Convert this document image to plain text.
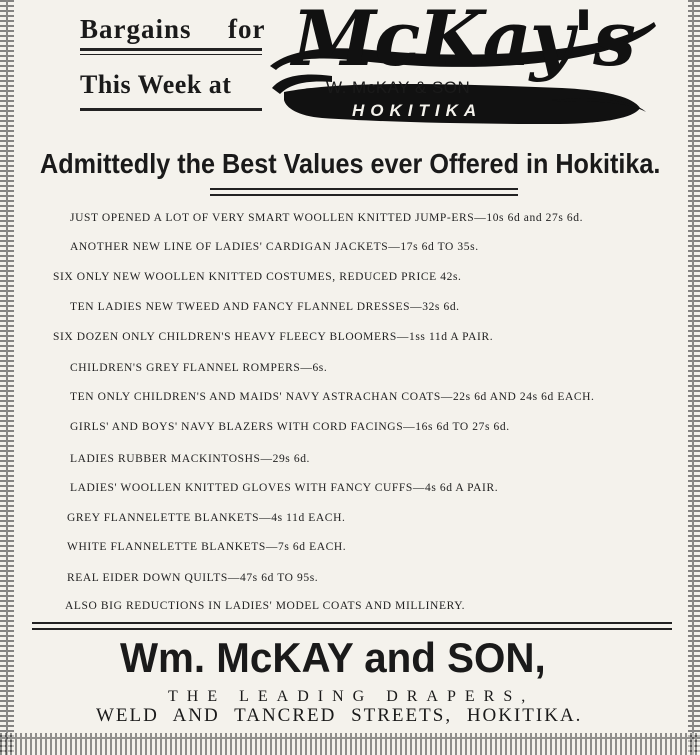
Bargains for
This Week at
McKay's
W. McKAY & SON
HOKITIKA
Admittedly the Best Values ever Offered in Hokitika.
JUST OPENED A LOT OF VERY SMART WOOLLEN KNITTED JUMP-ERS—10s 6d and 27s 6d.
ANOTHER NEW LINE OF LADIES' CARDIGAN JACKETS—17s 6d TO 35s.
SIX ONLY NEW WOOLLEN KNITTED COSTUMES, REDUCED PRICE 42s.
TEN LADIES NEW TWEED AND FANCY FLANNEL DRESSES—32s 6d.
SIX DOZEN ONLY CHILDREN'S HEAVY FLEECY BLOOMERS—1ss 11d A PAIR.
CHILDREN'S GREY FLANNEL ROMPERS—6s.
TEN ONLY CHILDREN'S AND MAIDS' NAVY ASTRACHAN COATS—22s 6d AND 24s 6d EACH.
GIRLS' AND BOYS' NAVY BLAZERS WITH CORD FACINGS—16s 6d TO 27s 6d.
LADIES RUBBER MACKINTOSHS—29s 6d.
LADIES' WOOLLEN KNITTED GLOVES WITH FANCY CUFFS—4s 6d A PAIR.
GREY FLANNELETTE BLANKETS—4s 11d EACH.
WHITE FLANNELETTE BLANKETS—7s 6d EACH.
REAL EIDER DOWN QUILTS—47s 6d TO 95s.
ALSO BIG REDUCTIONS IN LADIES' MODEL COATS AND MILLINERY.
Wm. McKAY and SON,
THE LEADING DRAPERS,
WELD AND TANCRED STREETS, HOKITIKA.
